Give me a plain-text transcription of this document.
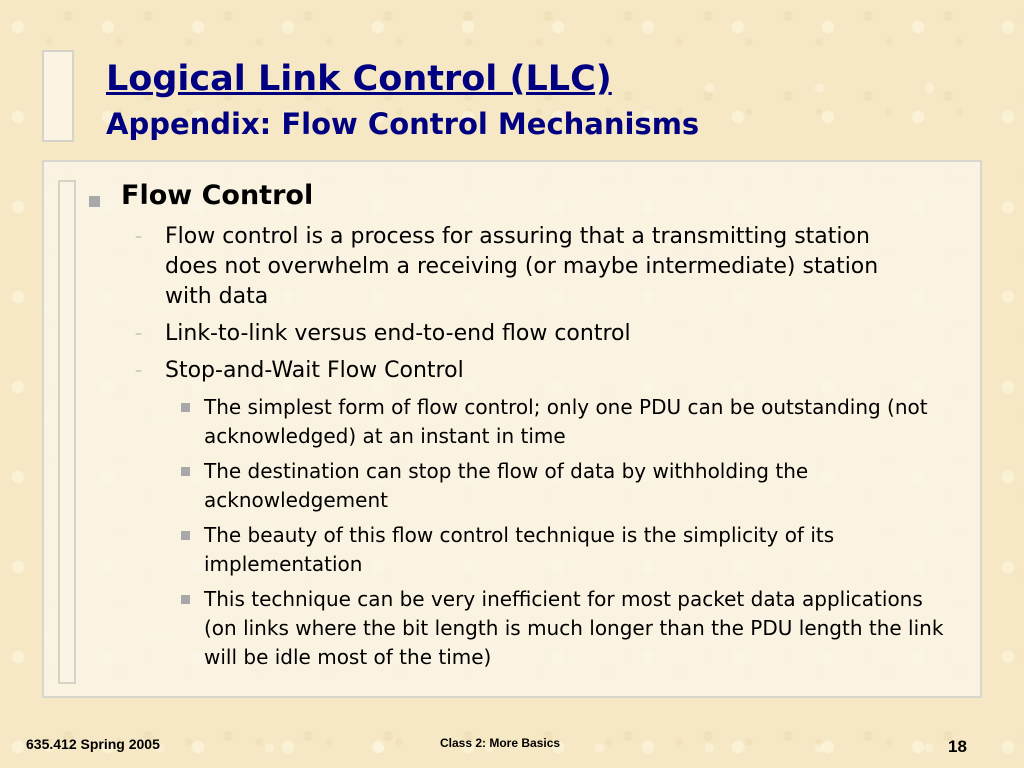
Logical Link Control (LLC)
Appendix: Flow Control Mechanisms
Flow Control
– Flow control is a process for assuring that a transmitting station does not overwhelm a receiving (or maybe intermediate) station with data
– Link-to-link versus end-to-end flow control
– Stop-and-Wait Flow Control
The simplest form of flow control; only one PDU can be outstanding (not acknowledged) at an instant in time
The destination can stop the flow of data by withholding the acknowledgement
The beauty of this flow control technique is the simplicity of its implementation
This technique can be very inefficient for most packet data applications (on links where the bit length is much longer than the PDU length the link will be idle most of the time)
635.412 Spring 2005	Class 2: More Basics	18
